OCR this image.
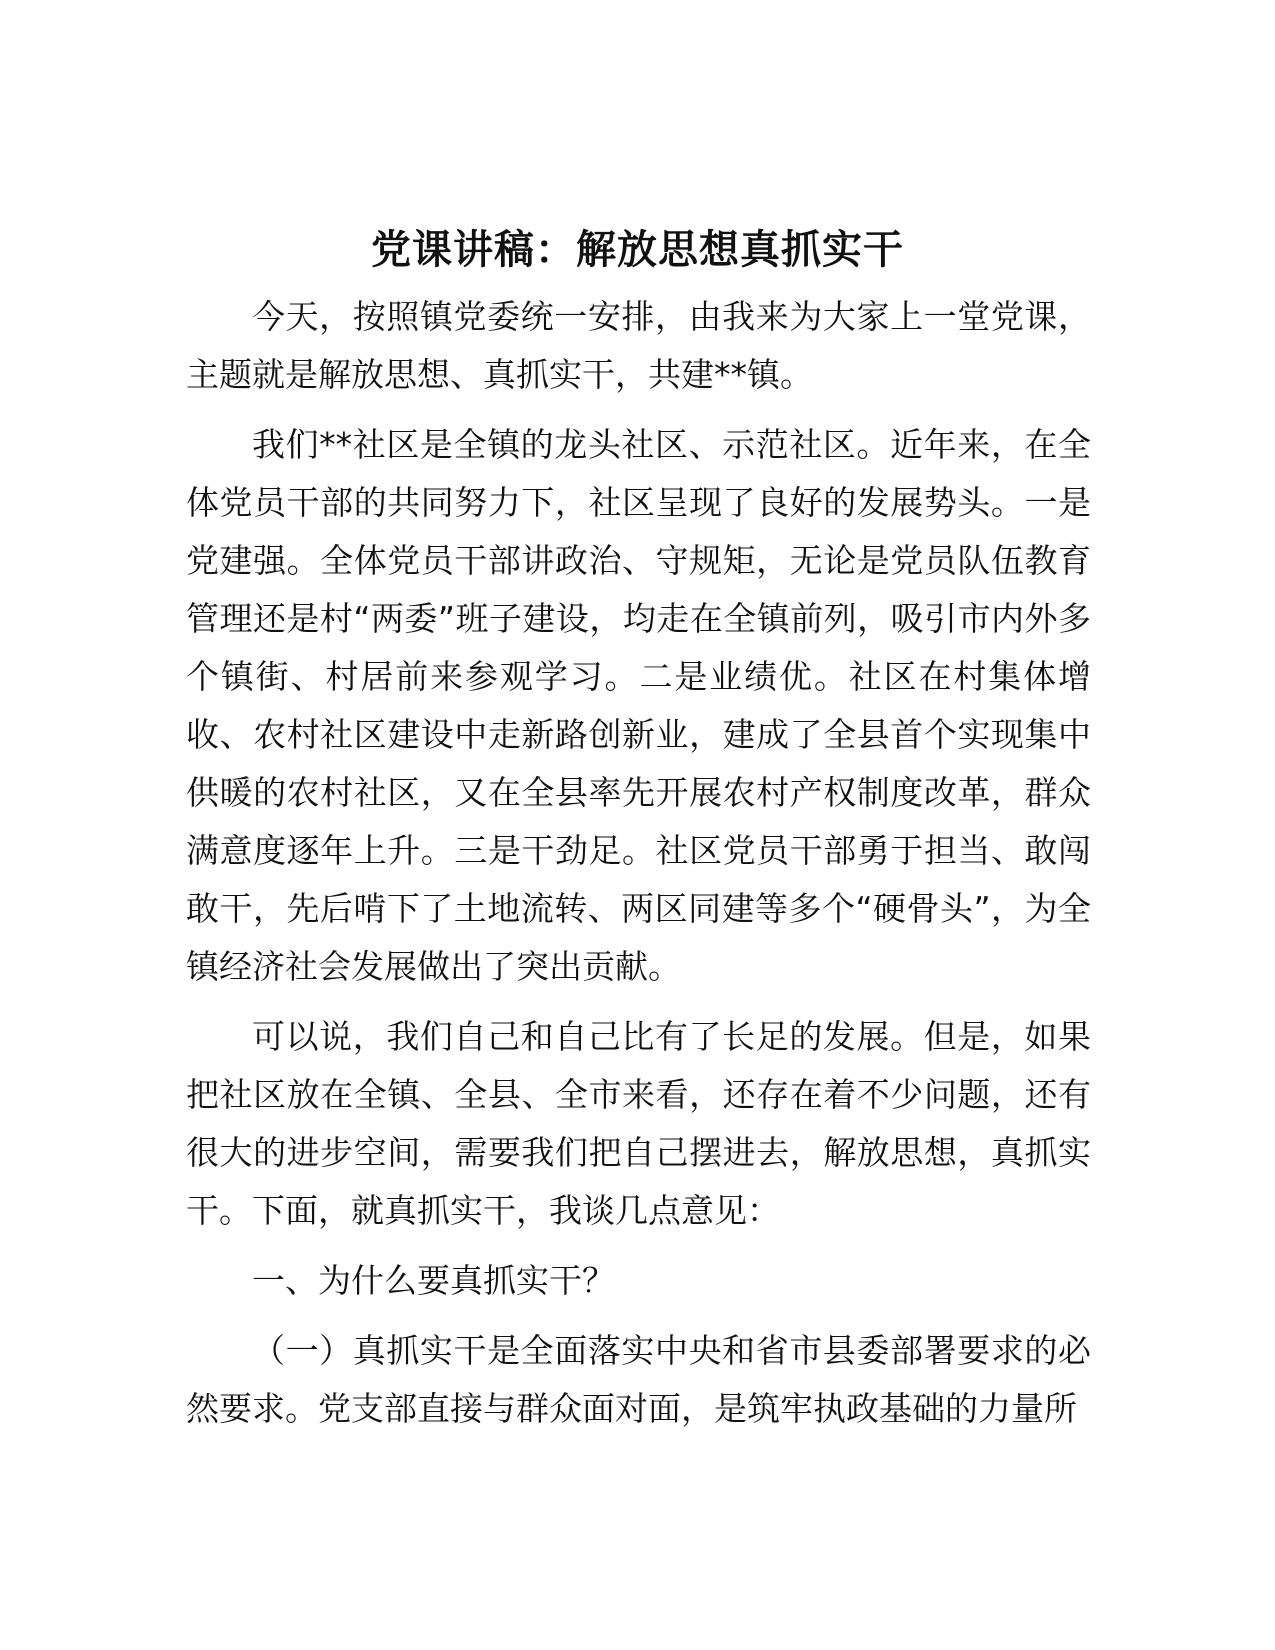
党课讲稿：解放思想真抓实干

今天，按照镇党委统一安排，由我来为大家上一堂党课，主题就是解放思想、真抓实干，共建**镇。

我们**社区是全镇的龙头社区、示范社区。近年来，在全体党员干部的共同努力下，社区呈现了良好的发展势头。一是党建强。全体党员干部讲政治、守规矩，无论是党员队伍教育管理还是村“两委”班子建设，均走在全镇前列，吸引市内外多个镇街、村居前来参观学习。二是业绩优。社区在村集体增收、农村社区建设中走新路创新业，建成了全县首个实现集中供暖的农村社区，又在全县率先开展农村产权制度改革，群众满意度逐年上升。三是干劲足。社区党员干部勇于担当、敢闯敢干，先后啃下了土地流转、两区同建等多个“硬骨头”，为全镇经济社会发展做出了突出贡献。

可以说，我们自己和自己比有了长足的发展。但是，如果把社区放在全镇、全县、全市来看，还存在着不少问题，还有很大的进步空间，需要我们把自己摆进去，解放思想，真抓实干。下面，就真抓实干，我谈几点意见：

一、为什么要真抓实干？

（一）真抓实干是全面落实中央和省市县委部署要求的必然要求。党支部直接与群众面对面，是筑牢执政基础的力量所
